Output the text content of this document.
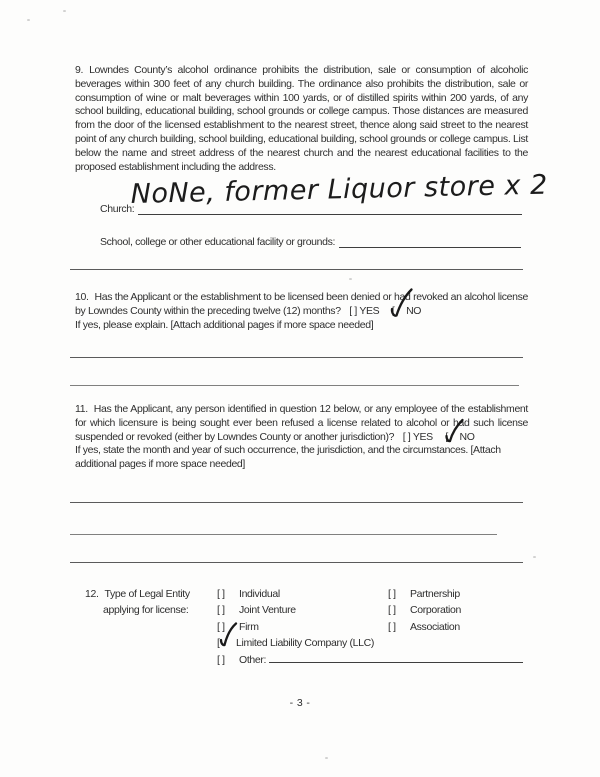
9. Lowndes County’s alcohol ordinance prohibits the distribution, sale or consumption of alcoholic beverages within 300 feet of any church building. The ordinance also prohibits the distribution, sale or consumption of wine or malt beverages within 100 yards, or of distilled spirits within 200 yards, of any school building, educational building, school grounds or college campus. Those distances are measured from the door of the licensed establishment to the nearest street, thence along said street to the nearest point of any church building, school building, educational building, school grounds or college campus. List below the name and street address of the nearest church and the nearest educational facilities to the proposed establishment including the address.
Church:
NoNe, former Liquor store x 2
School, college or other educational facility or grounds:
10. Has the Applicant or the establishment to be licensed been denied or had revoked an alcohol license by Lowndes County within the preceding twelve (12) months? [ ] YES [ NO
If yes, please explain. [Attach additional pages if more space needed]
11. Has the Applicant, any person identified in question 12 below, or any employee of the establishment for which licensure is being sought ever been refused a license related to alcohol or had such license suspended or revoked (either by Lowndes County or another jurisdiction)? [ ] YES [ NO
If yes, state the month and year of such occurrence, the jurisdiction, and the circumstances. [Attach additional pages if more space needed]
12. Type of Legal Entity
applying for license:
[ ]	Individual
[ ]	Joint Venture
[ ]	Firm
[	Limited Liability Company (LLC)
[ ]	Other:
[ ]	Partnership
[ ]	Corporation
[ ]	Association
- 3 -
